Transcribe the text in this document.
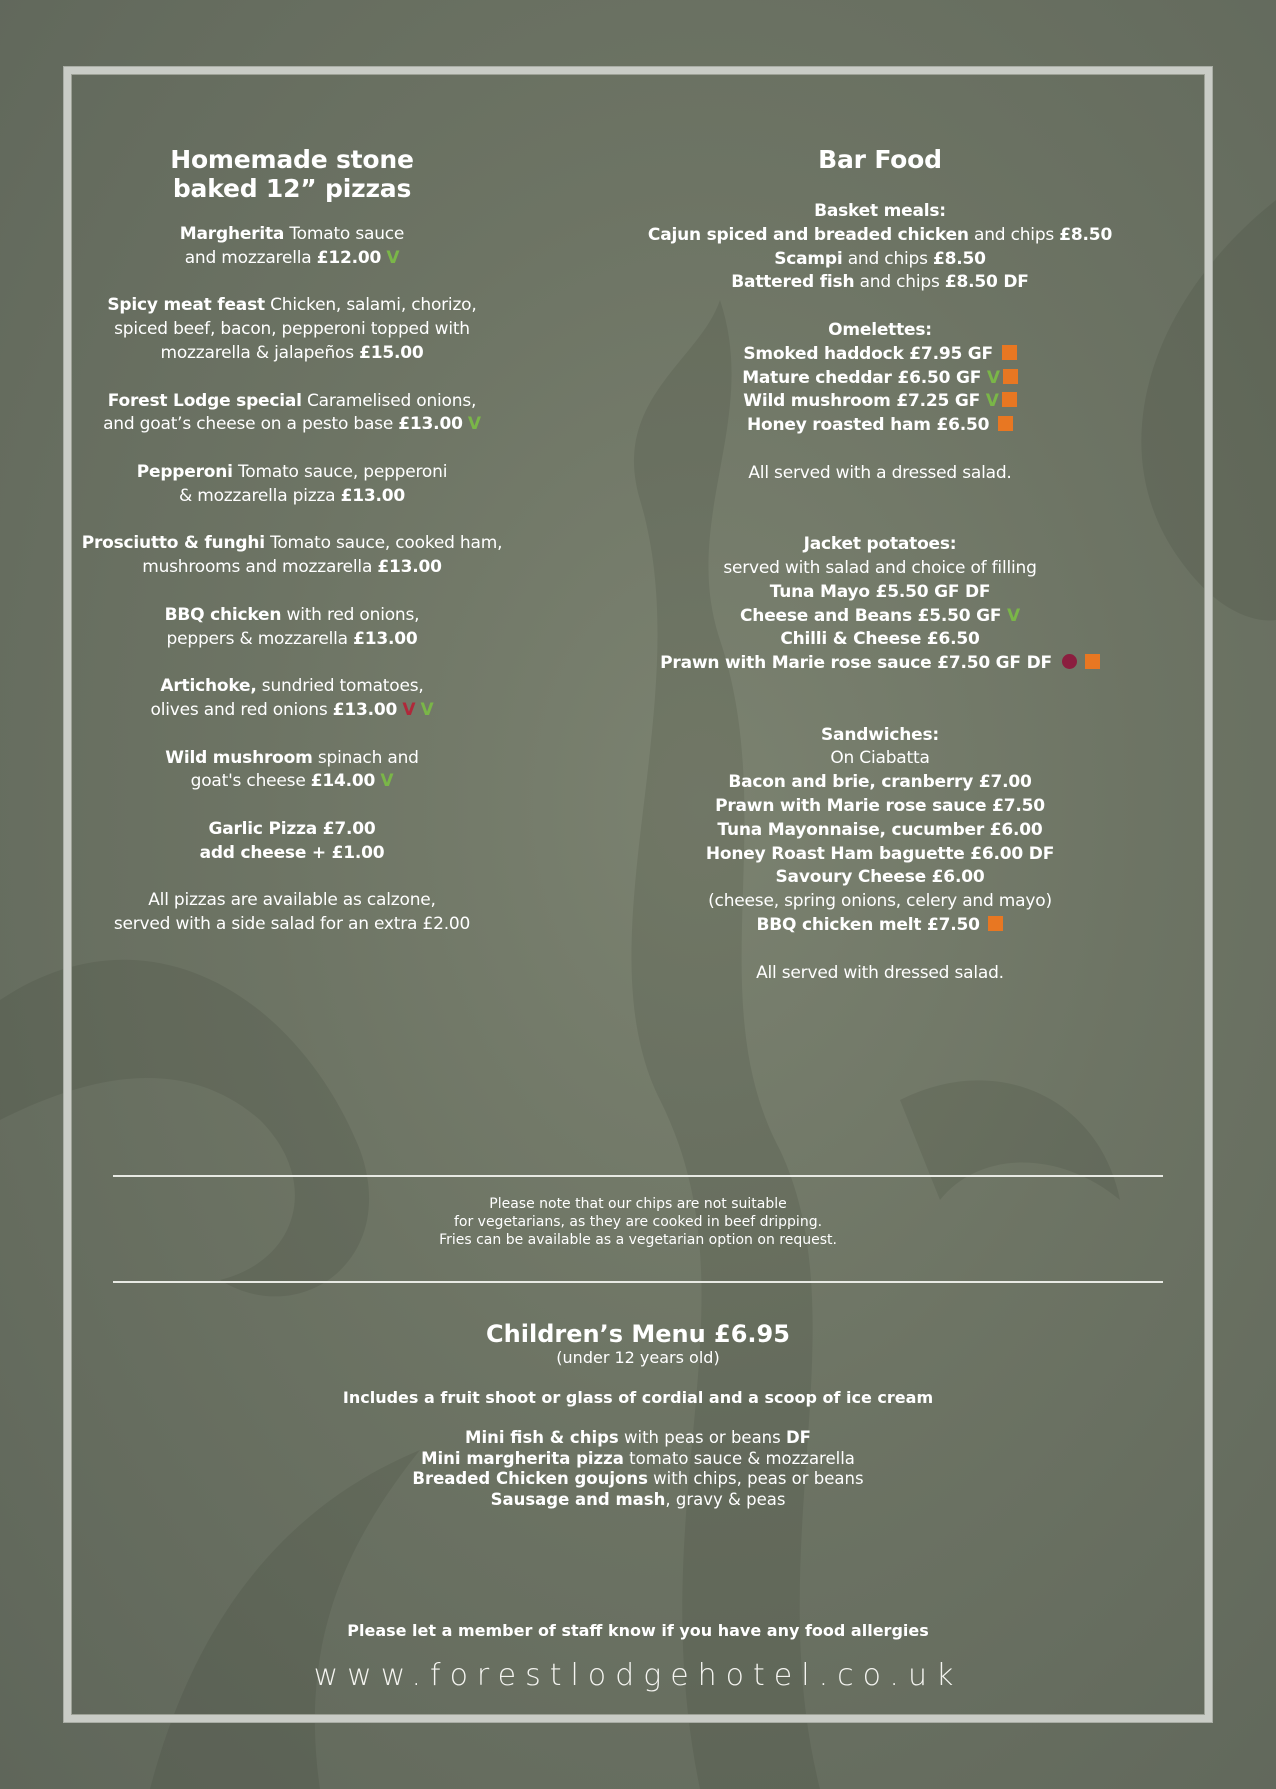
Homemade stone
baked 12” pizzas
Margherita Tomato sauce
and mozzarella £12.00 V
Spicy meat feast Chicken, salami, chorizo,
spiced beef, bacon, pepperoni topped with
mozzarella & jalapeños £15.00
Forest Lodge special Caramelised onions,
and goat’s cheese on a pesto base £13.00 V
Pepperoni Tomato sauce, pepperoni
& mozzarella pizza £13.00
Prosciutto & funghi Tomato sauce, cooked ham,
mushrooms and mozzarella £13.00
BBQ chicken with red onions,
peppers & mozzarella £13.00
Artichoke, sundried tomatoes,
olives and red onions £13.00 V V
Wild mushroom spinach and
goat's cheese £14.00 V
Garlic Pizza £7.00
add cheese + £1.00
All pizzas are available as calzone,
served with a side salad for an extra £2.00
Bar Food
Basket meals:
Cajun spiced and breaded chicken and chips £8.50
Scampi and chips £8.50
Battered fish and chips £8.50 DF
Omelettes:
Smoked haddock £7.95 GF
Mature cheddar £6.50 GF V
Wild mushroom £7.25 GF V
Honey roasted ham £6.50
All served with a dressed salad.
Jacket potatoes:
served with salad and choice of filling
Tuna Mayo £5.50 GF DF
Cheese and Beans £5.50 GF V
Chilli & Cheese £6.50
Prawn with Marie rose sauce £7.50 GF DF
Sandwiches:
On Ciabatta
Bacon and brie, cranberry £7.00
Prawn with Marie rose sauce £7.50
Tuna Mayonnaise, cucumber £6.00
Honey Roast Ham baguette £6.00 DF
Savoury Cheese £6.00
(cheese, spring onions, celery and mayo)
BBQ chicken melt £7.50
All served with dressed salad.
Please note that our chips are not suitable
for vegetarians, as they are cooked in beef dripping.
Fries can be available as a vegetarian option on request.
Children’s Menu £6.95
(under 12 years old)
Includes a fruit shoot or glass of cordial and a scoop of ice cream
Mini fish & chips with peas or beans DF
Mini margherita pizza tomato sauce & mozzarella
Breaded Chicken goujons with chips, peas or beans
Sausage and mash, gravy & peas
Please let a member of staff know if you have any food allergies
www.forestlodgehotel.co.uk
